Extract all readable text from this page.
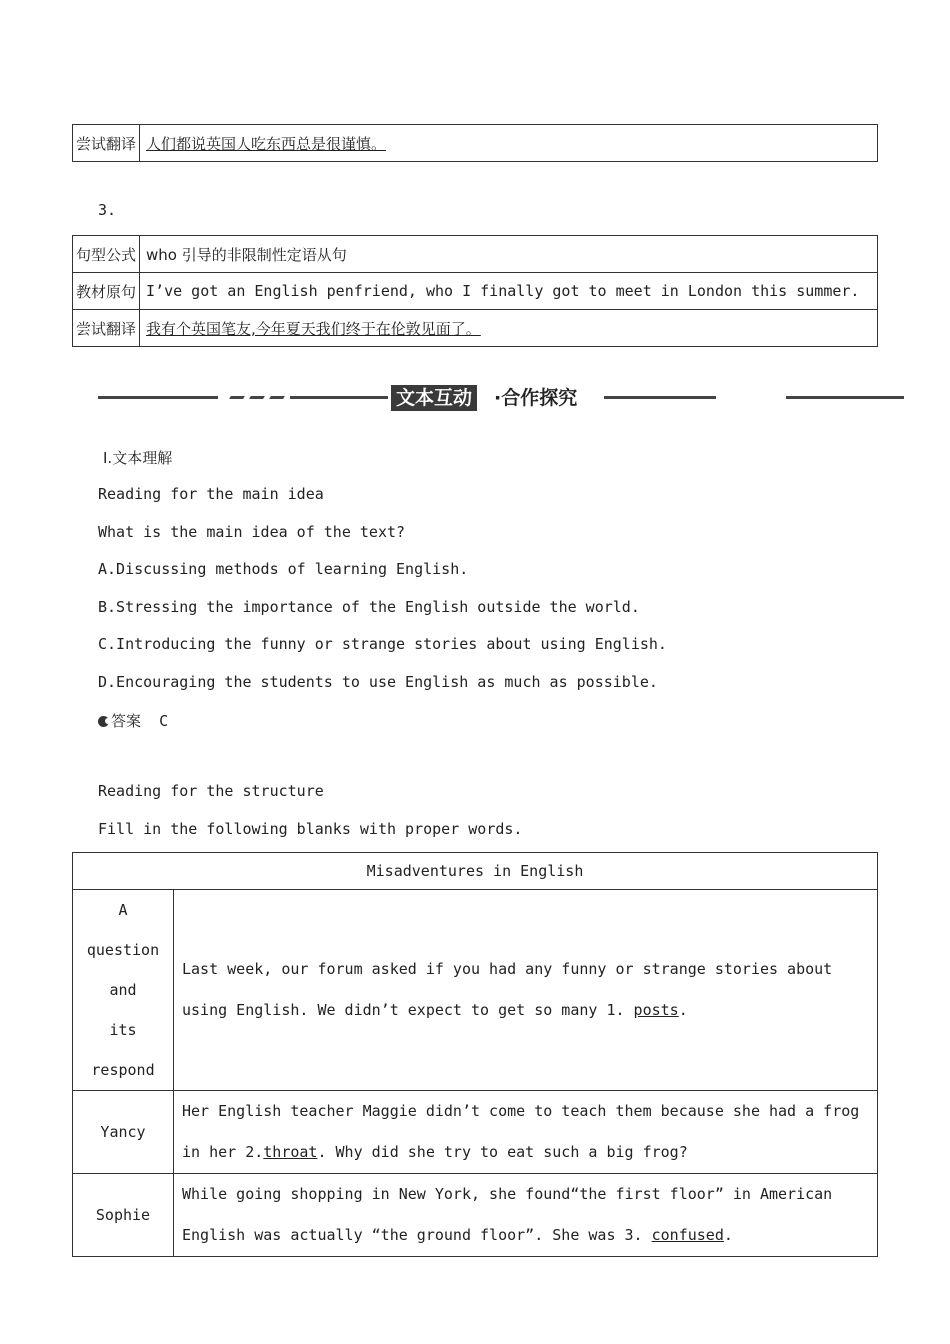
尝试翻译	人们都说英国人吃东西总是很谨慎。
3.
句型公式	who 引导的非限制性定语从句
教材原句	I’ve got an English penfriend, who I finally got to meet in London this summer.
尝试翻译	我有个英国笔友,今年夏天我们终于在伦敦见面了。
文本互动 ·合作探究
Ⅰ.文本理解
Reading for the main idea
What is the main idea of the text?
A.Discussing methods of learning English.
B.Stressing the importance of the English outside the world.
C.Introducing the funny or strange stories about using English.
D.Encouraging the students to use English as much as possible.
答案 C
Reading for the structure
Fill in the following blanks with proper words.
Misadventures in English	

A question
and
its
respond	Last week, our forum asked if you had any funny or strange stories about using English. We didn’t expect to get so many 1. posts.

Yancy	Her English teacher Maggie didn’t come to teach them because she had a frog in her 2.throat. Why did she try to eat such a big frog?

Sophie	While going shopping in New York, she found“the first floor” in American English was actually “the ground floor”. She was 3. confused.
